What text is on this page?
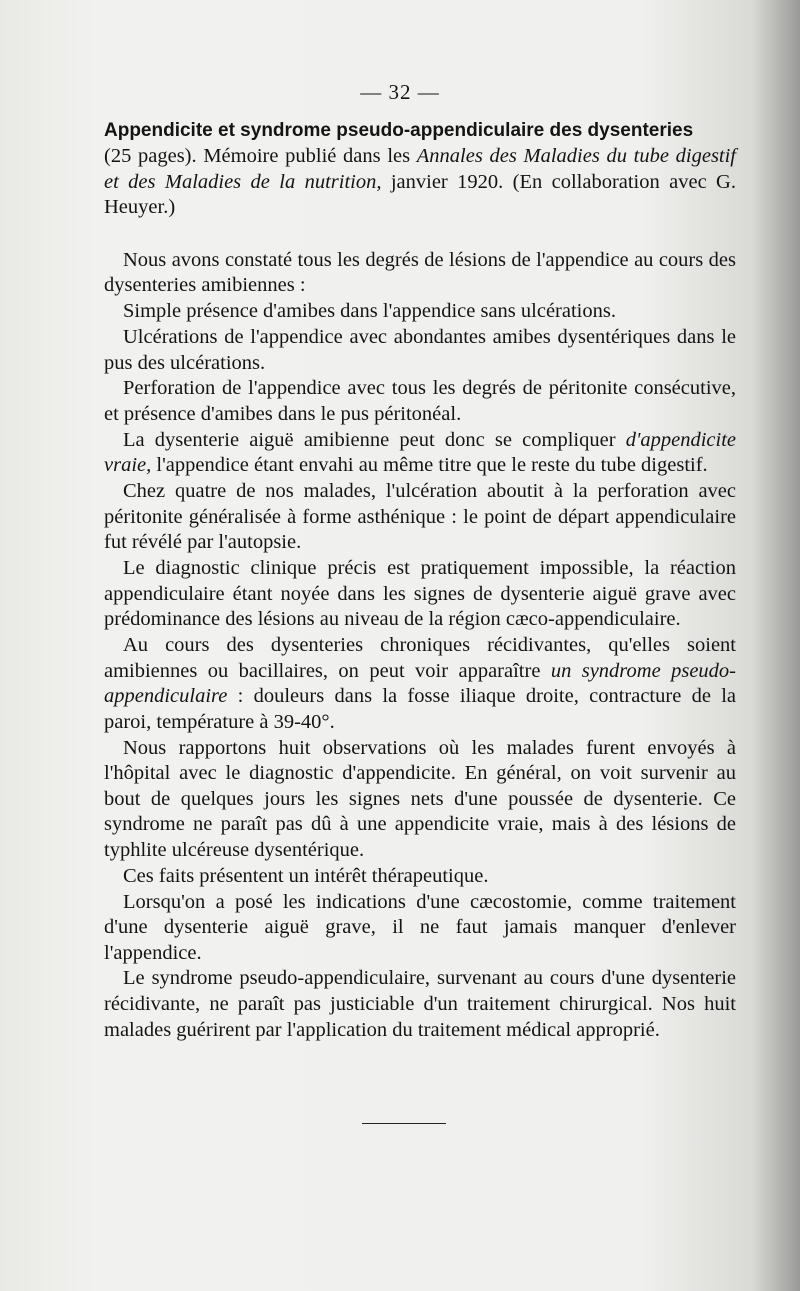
— 32 —

Appendicite et syndrome pseudo-appendiculaire des dysenteries

(25 pages). Mémoire publié dans les Annales des Maladies du tube digestif et des Maladies de la nutrition, janvier 1920. (En collaboration avec G. Heuyer.)

Nous avons constaté tous les degrés de lésions de l'appendice au cours des dysenteries amibiennes :

Simple présence d'amibes dans l'appendice sans ulcérations.

Ulcérations de l'appendice avec abondantes amibes dysentériques dans le pus des ulcérations.

Perforation de l'appendice avec tous les degrés de péritonite consécutive, et présence d'amibes dans le pus péritonéal.

La dysenterie aiguë amibienne peut donc se compliquer d'appendicite vraie, l'appendice étant envahi au même titre que le reste du tube digestif.

Chez quatre de nos malades, l'ulcération aboutit à la perforation avec péritonite généralisée à forme asthénique : le point de départ appendiculaire fut révélé par l'autopsie.

Le diagnostic clinique précis est pratiquement impossible, la réaction appendiculaire étant noyée dans les signes de dysenterie aiguë grave avec prédominance des lésions au niveau de la région cæco-appendiculaire.

Au cours des dysenteries chroniques récidivantes, qu'elles soient amibiennes ou bacillaires, on peut voir apparaître un syndrome pseudo-appendiculaire : douleurs dans la fosse iliaque droite, contracture de la paroi, température à 39-40°.

Nous rapportons huit observations où les malades furent envoyés à l'hôpital avec le diagnostic d'appendicite. En général, on voit survenir au bout de quelques jours les signes nets d'une poussée de dysenterie. Ce syndrome ne paraît pas dû à une appendicite vraie, mais à des lésions de typhlite ulcéreuse dysentérique.

Ces faits présentent un intérêt thérapeutique.

Lorsqu'on a posé les indications d'une cæcostomie, comme traitement d'une dysenterie aiguë grave, il ne faut jamais manquer d'enlever l'appendice.

Le syndrome pseudo-appendiculaire, survenant au cours d'une dysenterie récidivante, ne paraît pas justiciable d'un traitement chirurgical. Nos huit malades guérirent par l'application du traitement médical approprié.
